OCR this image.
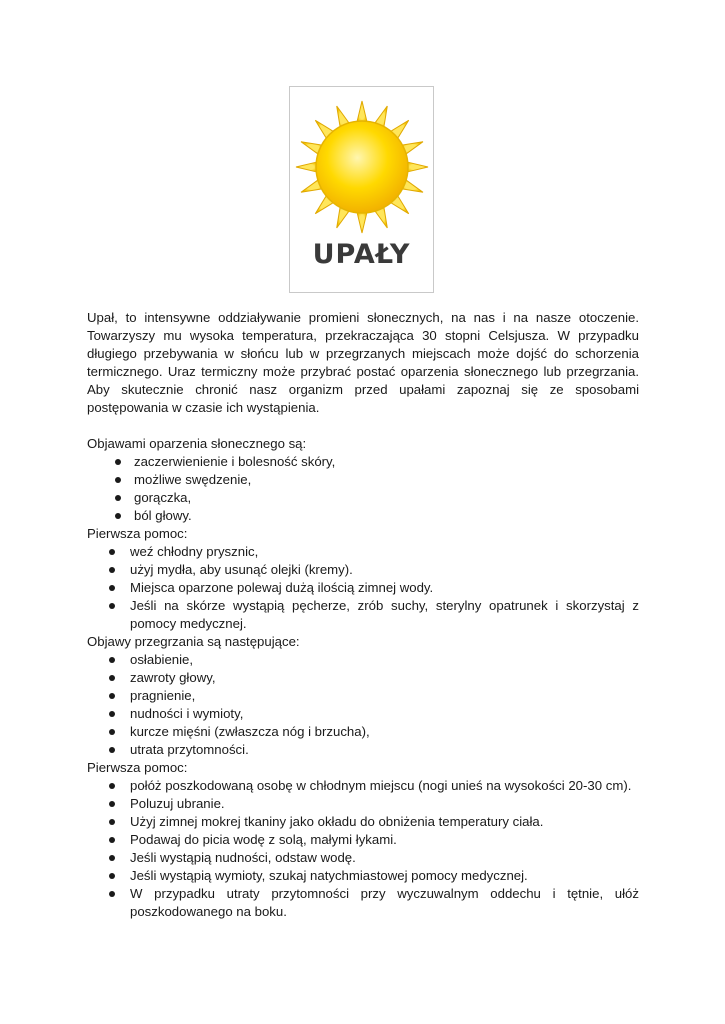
UPAŁY

Upał, to intensywne oddziaływanie promieni słonecznych, na nas i na nasze otoczenie. Towarzyszy mu wysoka temperatura, przekraczająca 30 stopni Celsjusza. W przypadku długiego przebywania w słońcu lub w przegrzanych miejscach może dojść do schorzenia termicznego. Uraz termiczny może przybrać postać oparzenia słonecznego lub przegrzania. Aby skutecznie chronić nasz organizm przed upałami zapoznaj się ze sposobami postępowania w czasie ich wystąpienia.

Objawami oparzenia słonecznego są:

zaczerwienienie i bolesność skóry,
możliwe swędzenie,
gorączka,
ból głowy.

Pierwsza pomoc:

weź chłodny prysznic,
użyj mydła, aby usunąć olejki (kremy).
Miejsca oparzone polewaj dużą ilością zimnej wody.
Jeśli na skórze wystąpią pęcherze, zrób suchy, sterylny opatrunek i skorzystaj z pomocy medycznej.

Objawy przegrzania są następujące:

osłabienie,
zawroty głowy,
pragnienie,
nudności i wymioty,
kurcze mięśni (zwłaszcza nóg i brzucha),
utrata przytomności.

Pierwsza pomoc:

połóż poszkodowaną osobę w chłodnym miejscu (nogi unieś na wysokości 20-30 cm).
Poluzuj ubranie.
Użyj zimnej mokrej tkaniny jako okładu do obniżenia temperatury ciała.
Podawaj do picia wodę z solą, małymi łykami.
Jeśli wystąpią nudności, odstaw wodę.
Jeśli wystąpią wymioty, szukaj natychmiastowej pomocy medycznej.
W przypadku utraty przytomności przy wyczuwalnym oddechu i tętnie, ułóż poszkodowanego na boku.
